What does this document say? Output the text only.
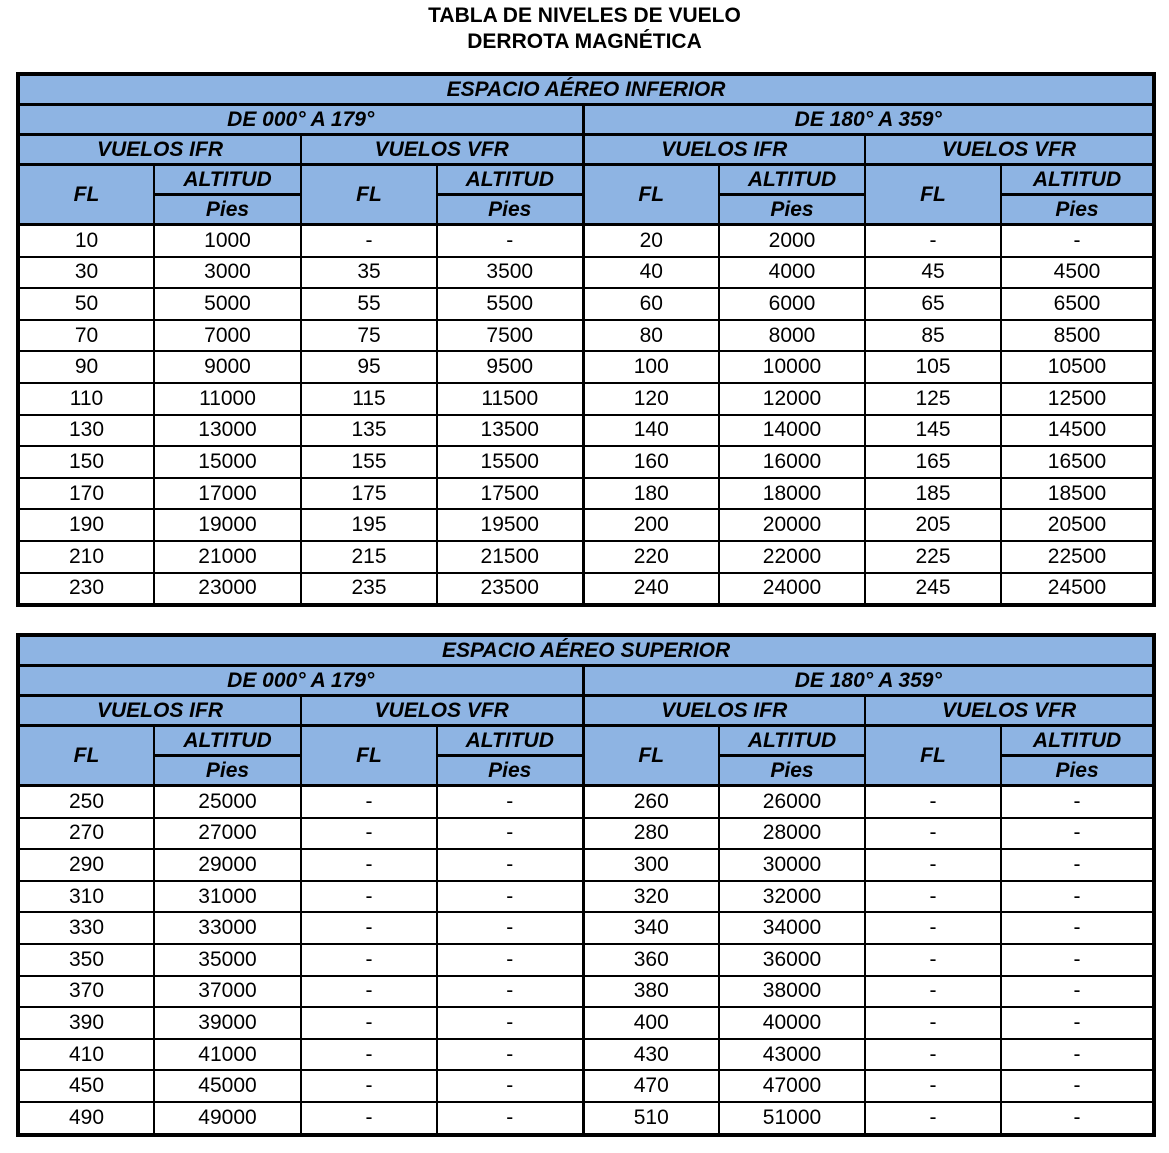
TABLA DE NIVELES DE VUELO
DERROTA MAGNÉTICA
ESPACIO AÉREO INFERIOR							
DE 000° A 179°				DE 180° A 359°			
VUELOS IFR		VUELOS VFR		VUELOS IFR		VUELOS VFR	
FL	ALTITUD	FL	ALTITUD	FL	ALTITUD	FL	ALTITUD
	Pies		Pies		Pies		Pies
10	1000	-	-	20	2000	-	-
30	3000	35	3500	40	4000	45	4500
50	5000	55	5500	60	6000	65	6500
70	7000	75	7500	80	8000	85	8500
90	9000	95	9500	100	10000	105	10500
110	11000	115	11500	120	12000	125	12500
130	13000	135	13500	140	14000	145	14500
150	15000	155	15500	160	16000	165	16500
170	17000	175	17500	180	18000	185	18500
190	19000	195	19500	200	20000	205	20500
210	21000	215	21500	220	22000	225	22500
230	23000	235	23500	240	24000	245	24500
ESPACIO AÉREO SUPERIOR							
DE 000° A 179°				DE 180° A 359°			
VUELOS IFR		VUELOS VFR		VUELOS IFR		VUELOS VFR	
FL	ALTITUD	FL	ALTITUD	FL	ALTITUD	FL	ALTITUD
	Pies		Pies		Pies		Pies
250	25000	-	-	260	26000	-	-
270	27000	-	-	280	28000	-	-
290	29000	-	-	300	30000	-	-
310	31000	-	-	320	32000	-	-
330	33000	-	-	340	34000	-	-
350	35000	-	-	360	36000	-	-
370	37000	-	-	380	38000	-	-
390	39000	-	-	400	40000	-	-
410	41000	-	-	430	43000	-	-
450	45000	-	-	470	47000	-	-
490	49000	-	-	510	51000	-	-
